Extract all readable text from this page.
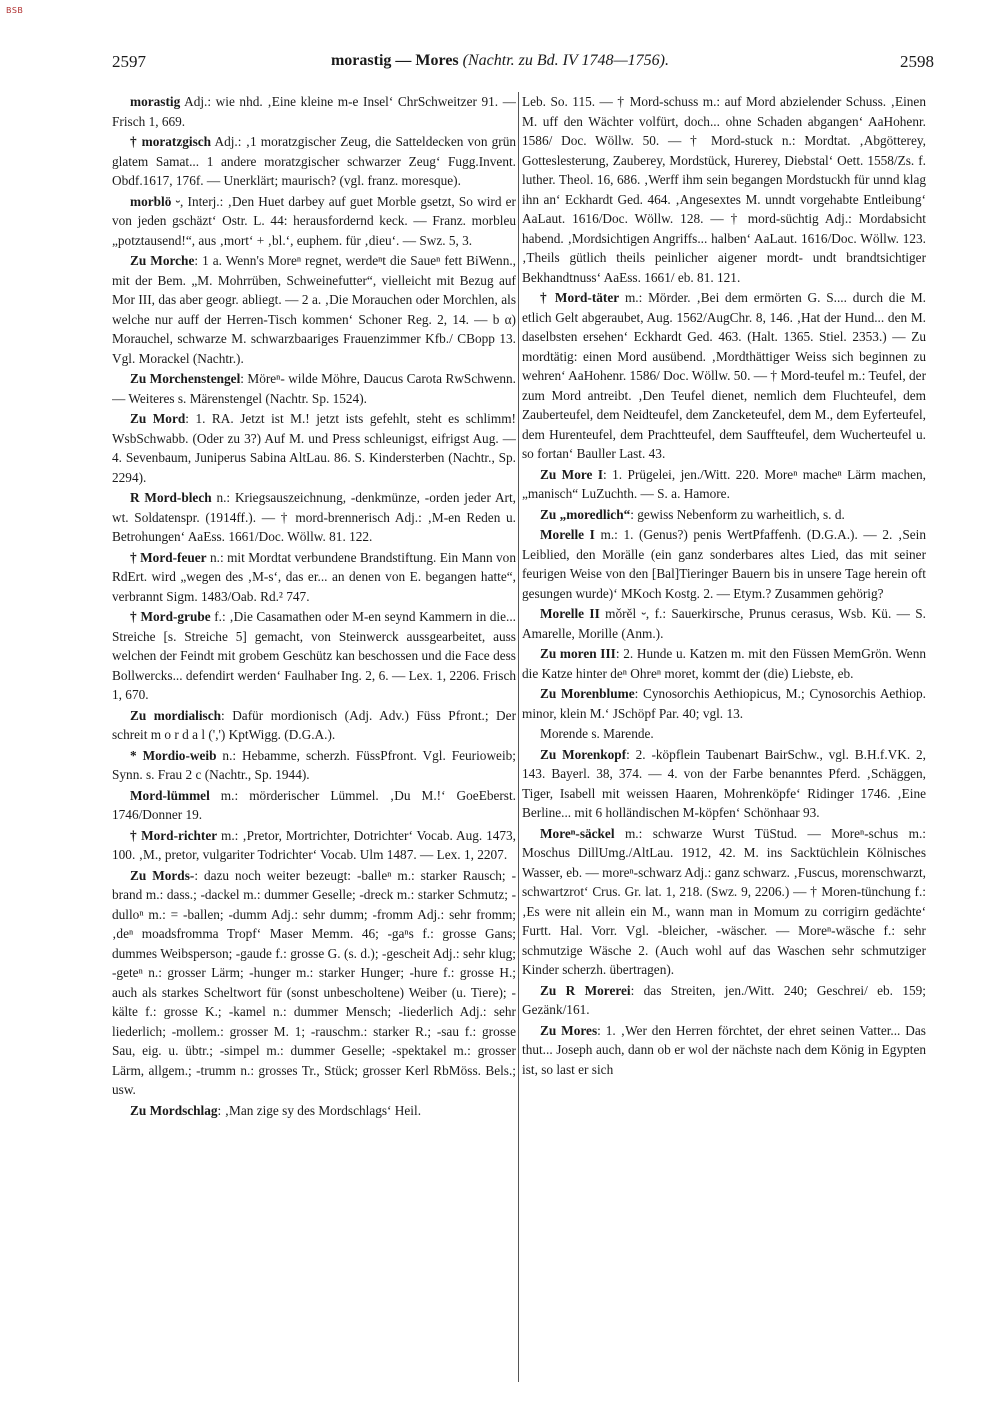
BSB
2597	morastig — Mores (Nachtr. zu Bd. IV 1748—1756).	2598

morastig Adj.: wie nhd. ‚Eine kleine m-e Insel‘ ChrSchweitzer 91. — Frisch 1, 669.

† moratzgisch Adj.: ‚1 moratzgischer Zeug, die Satteldecken von grün glatem Samat... 1 andere moratzgischer schwarzer Zeug‘ Fugg.Invent. Obdf.1617, 176f. — Unerklärt; maurisch? (vgl. franz. moresque).

morblö ⏑, Interj.: ‚Den Huet darbey auf guet Morble gsetzt, So wird er von jeden gschäzt‘ Ostr. L. 44: herausfordernd keck. — Franz. morbleu „potztausend!“, aus ‚mort‘ + ‚bl.‘, euphem. für ‚dieu‘. — Swz. 5, 3.

Zu Morche: 1 a. Wenn's Moreⁿ regnet, werdeⁿt die Saueⁿ fett BiWenn., mit der Bem. „M. Mohrrüben, Schweinefutter“, vielleicht mit Bezug auf Mor III, das aber geogr. abliegt. — 2 a. ‚Die Morauchen oder Morchlen, als welche nur auff der Herren-Tisch kommen‘ Schoner Reg. 2, 14. — b α) Morauchel, schwarze M. schwarzbaariges Frauenzimmer Kfb./ CBopp 13. Vgl. Morackel (Nachtr.).

Zu Morchenstengel: Möreⁿ- wilde Möhre, Daucus Carota RwSchwenn. — Weiteres s. Märenstengel (Nachtr. Sp. 1524).

Zu Mord: 1. RA. Jetzt ist M.! jetzt ists gefehlt, steht es schlimm! WsbSchwabb. (Oder zu 3?) Auf M. und Press schleunigst, eifrigst Aug. — 4. Sevenbaum, Juniperus Sabina AltLau. 86. S. Kindersterben (Nachtr., Sp. 2294).

R Mord-blech n.: Kriegsauszeichnung, -denkmünze, -orden jeder Art, wt. Soldatenspr. (1914ff.). — † mord-brennerisch Adj.: ‚M-en Reden u. Betrohungen‘ AaEss. 1661/Doc. Wöllw. 81. 122.

† Mord-feuer n.: mit Mordtat verbundene Brandstiftung. Ein Mann von RdErt. wird „wegen des ‚M-s‘, das er... an denen von E. begangen hatte“, verbrannt Sigm. 1483/Oab. Rd.² 747.

† Mord-grube f.: ‚Die Casamathen oder M-en seynd Kammern in die... Streiche [s. Streiche 5] gemacht, von Steinwerck aussgearbeitet, auss welchen der Feindt mit grobem Geschütz kan beschossen und die Face dess Bollwercks... defendirt werden‘ Faulhaber Ing. 2, 6. — Lex. 1, 2206. Frisch 1, 670.

Zu mordialisch: Dafür mordionisch (Adj. Adv.) Füss Pfront.; Der schreit m o r d a l (',') KptWigg. (D.G.A.).

* Mordio-weib n.: Hebamme, scherzh. FüssPfront. Vgl. Feurioweib; Synn. s. Frau 2 c (Nachtr., Sp. 1944).

Mord-lümmel m.: mörderischer Lümmel. ‚Du M.!‘ GoeEberst. 1746/Donner 19.

† Mord-richter m.: ‚Pretor, Mortrichter, Dotrichter‘ Vocab. Aug. 1473, 100. ‚M., pretor, vulgariter Todrichter‘ Vocab. Ulm 1487. — Lex. 1, 2207.

Zu Mords-: dazu noch weiter bezeugt: -balleⁿ m.: starker Rausch; -brand m.: dass.; -dackel m.: dummer Geselle; -dreck m.: starker Schmutz; -dulloⁿ m.: = -ballen; -dumm Adj.: sehr dumm; -fromm Adj.: sehr fromm; ‚deⁿ moadsfromma Tropf‘ Maser Memm. 46; -gaⁿs f.: grosse Gans; dummes Weibsperson; -gaude f.: grosse G. (s. d.); -gescheit Adj.: sehr klug; -geteⁿ n.: grosser Lärm; -hunger m.: starker Hunger; -hure f.: grosse H.; auch als starkes Scheltwort für (sonst unbescholtene) Weiber (u. Tiere); -kälte f.: grosse K.; -kamel n.: dummer Mensch; -liederlich Adj.: sehr liederlich; -mollem.: grosser M. 1; -rauschm.: starker R.; -sau f.: grosse Sau, eig. u. übtr.; -simpel m.: dummer Geselle; -spektakel m.: grosser Lärm, allgem.; -trumm n.: grosses Tr., Stück; grosser Kerl RbMöss. Bels.; usw.

Zu Mordschlag: ‚Man zige sy des Mordschlags‘ Heil.

Leb. So. 115. — † Mord-schuss m.: auf Mord abzielender Schuss. ‚Einen M. uff den Wächter volfürt, doch... ohne Schaden abgangen‘ AaHohenr. 1586/ Doc. Wöllw. 50. — † Mord-stuck n.: Mordtat. ‚Abgötterey, Gotteslesterung, Zauberey, Mordstück, Hurerey, Diebstal‘ Oett. 1558/Zs. f. luther. Theol. 16, 686. ‚Werff ihm sein begangen Mordstuckh für unnd klag ihn an‘ Eckhardt Ged. 464. ‚Angesextes M. unndt vorgehabte Entleibung‘ AaLaut. 1616/Doc. Wöllw. 128. — † mord-süchtig Adj.: Mordabsicht habend. ‚Mordsichtigen Angriffs... halben‘ AaLaut. 1616/Doc. Wöllw. 123. ‚Theils gütlich theils peinlicher aigener mordt- undt brandtsichtiger Bekhandtnuss‘ AaEss. 1661/ eb. 81. 121.

† Mord-täter m.: Mörder. ‚Bei dem ermörten G. S.... durch die M. etlich Gelt abgeraubet, Aug. 1562/AugChr. 8, 146. ‚Hat der Hund... den M. daselbsten ersehen‘ Eckhardt Ged. 463. (Halt. 1365. Stiel. 2353.) — Zu mordtätig: einen Mord ausübend. ‚Mordthättiger Weiss sich beginnen zu wehren‘ AaHohenr. 1586/ Doc. Wöllw. 50. — † Mord-teufel m.: Teufel, der zum Mord antreibt. ‚Den Teufel dienet, nemlich dem Fluchteufel, dem Zauberteufel, dem Neidteufel, dem Zancketeufel, dem M., dem Eyferteufel, dem Hurenteufel, dem Prachtteufel, dem Sauffteufel, dem Wucherteufel u. so fortan‘ Bauller Last. 43.

Zu More I: 1. Prügelei, jen./Witt. 220. Moreⁿ macheⁿ Lärm machen, „manisch“ LuZuchth. — S. a. Hamore.

Zu „moredlich“: gewiss Nebenform zu warheitlich, s. d.

Morelle I m.: 1. (Genus?) penis WertPfaffenh. (D.G.A.). — 2. ‚Sein Leiblied, den Morälle (ein ganz sonderbares altes Lied, das mit seiner feurigen Weise von den [Bal]Tieringer Bauern bis in unsere Tage herein oft gesungen wurde)‘ MKoch Kostg. 2. — Etym.? Zusammen gehörig?

Morelle II mǒrĕl ⏑, f.: Sauerkirsche, Prunus cerasus, Wsb. Kü. — S. Amarelle, Morille (Anm.).

Zu moren III: 2. Hunde u. Katzen m. mit den Füssen MemGrön. Wenn die Katze hinter deⁿ Ohreⁿ moret, kommt der (die) Liebste, eb.

Zu Morenblume: Cynosorchis Aethiopicus, M.; Cynosorchis Aethiop. minor, klein M.‘ JSchöpf Par. 40; vgl. 13.

Morende s. Marende.

Zu Morenkopf: 2. -köpflein Taubenart BairSchw., vgl. B.H.f.VK. 2, 143. Bayerl. 38, 374. — 4. von der Farbe benanntes Pferd. ‚Schäggen, Tiger, Isabell mit weissen Haaren, Mohrenköpfe‘ Ridinger 1746. ‚Eine Berline... mit 6 holländischen M-köpfen‘ Schönhaar 93.

Moreⁿ-säckel m.: schwarze Wurst TüStud. — Moreⁿ-schus m.: Moschus DillUmg./AltLau. 1912, 42. M. ins Sacktüchlein Kölnisches Wasser, eb. — moreⁿ-schwarz Adj.: ganz schwarz. ‚Fuscus, morenschwarzt, schwartzrot‘ Crus. Gr. lat. 1, 218. (Swz. 9, 2206.) — † Moren-tünchung f.: ‚Es were nit allein ein M., wann man in Momum zu corrigirn gedächte‘ Furtt. Hal. Vorr. Vgl. -bleicher, -wäscher. — Moreⁿ-wäsche f.: sehr schmutzige Wäsche 2. (Auch wohl auf das Waschen sehr schmutziger Kinder scherzh. übertragen).

Zu R Morerei: das Streiten, jen./Witt. 240; Geschrei/ eb. 159; Gezänk/161.

Zu Mores: 1. ‚Wer den Herren förchtet, der ehret seinen Vatter... Das thut... Joseph auch, dann ob er wol der nächste nach dem König in Egypten ist, so last er sich
